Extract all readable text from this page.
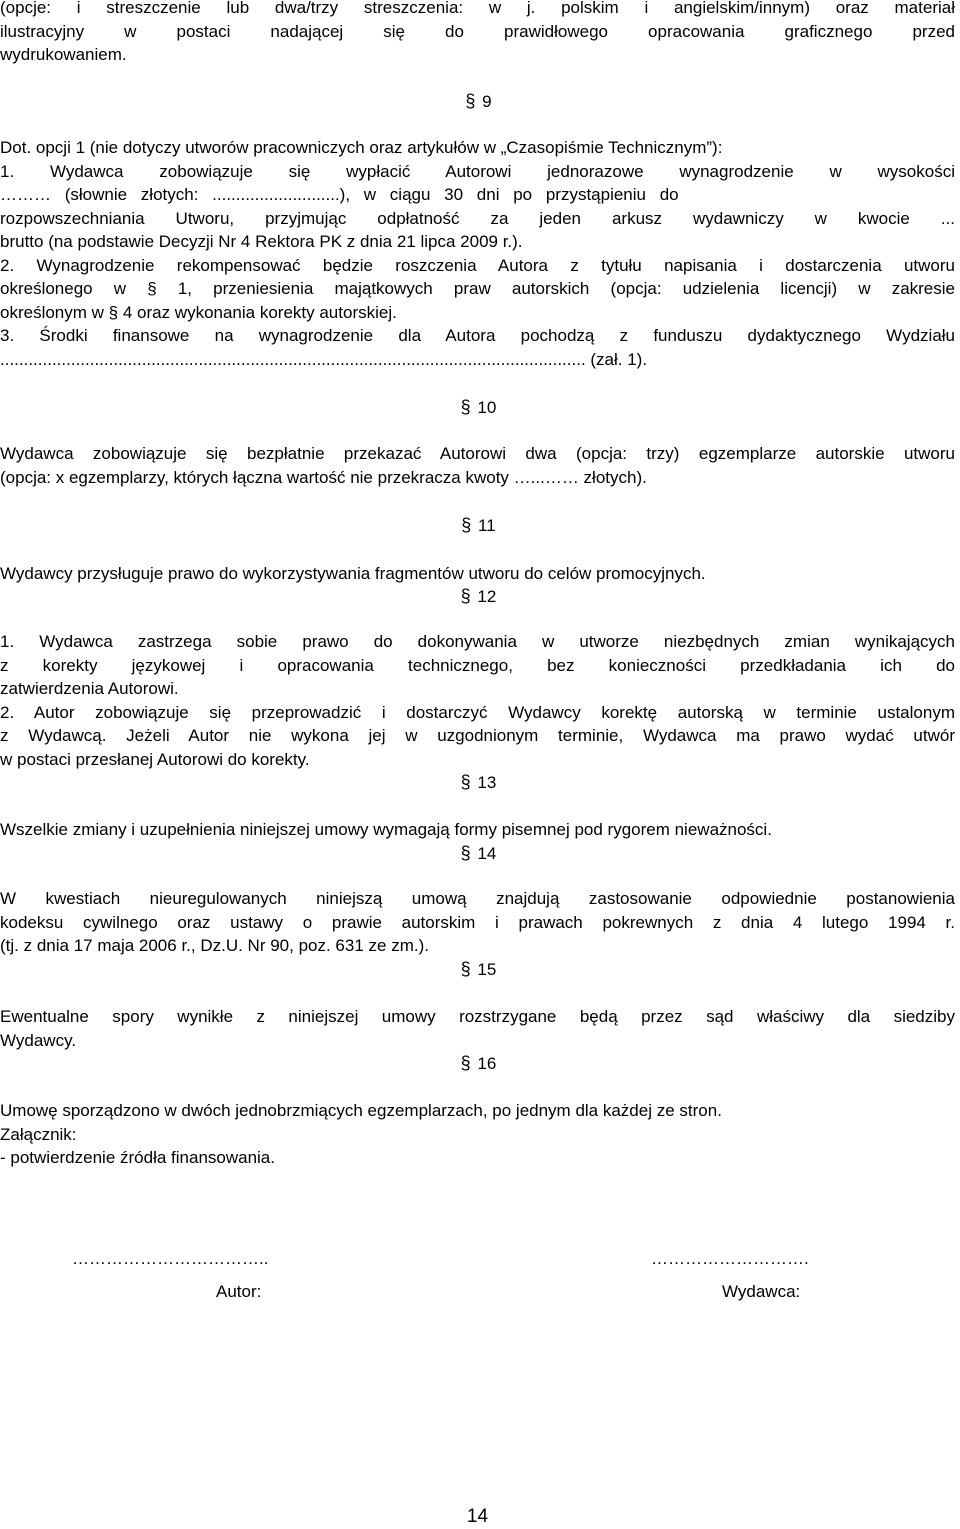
(opcje: i streszczenie lub dwa/trzy streszczenia: w j. polskim i angielskim/innym) oraz materiał
ilustracyjny w postaci nadającej się do prawidłowego opracowania graficznego przed
wydrukowaniem.
§ 9
Dot. opcji 1 (nie dotyczy utworów pracowniczych oraz artykułów w „Czasopiśmie Technicznym”):
1. Wydawca zobowiązuje się wypłacić Autorowi jednorazowe wynagrodzenie w wysokości
……… (słownie złotych: ...........................), w ciągu 30 dni po przystąpieniu do
rozpowszechniania Utworu, przyjmując odpłatność za jeden arkusz wydawniczy w kwocie ...
brutto (na podstawie Decyzji Nr 4 Rektora PK z dnia 21 lipca 2009 r.).
2. Wynagrodzenie rekompensować będzie roszczenia Autora z tytułu napisania i dostarczenia utworu
określonego w § 1, przeniesienia majątkowych praw autorskich (opcja: udzielenia licencji) w zakresie
określonym w § 4 oraz wykonania korekty autorskiej.
3. Środki finansowe na wynagrodzenie dla Autora pochodzą z funduszu dydaktycznego Wydziału
............................................................................................................................ (zał. 1).
§ 10
Wydawca zobowiązuje się bezpłatnie przekazać Autorowi dwa (opcja: trzy) egzemplarze autorskie utworu
(opcja: x egzemplarzy, których łączna wartość nie przekracza kwoty …...…… złotych).
§ 11
Wydawcy przysługuje prawo do wykorzystywania fragmentów utworu do celów promocyjnych.
§ 12
1. Wydawca zastrzega sobie prawo do dokonywania w utworze niezbędnych zmian wynikających
z korekty językowej i opracowania technicznego, bez konieczności przedkładania ich do
zatwierdzenia Autorowi.
2. Autor zobowiązuje się przeprowadzić i dostarczyć Wydawcy korektę autorską w terminie ustalonym
z Wydawcą. Jeżeli Autor nie wykona jej w uzgodnionym terminie, Wydawca ma prawo wydać utwór
w postaci przesłanej Autorowi do korekty.
§ 13
Wszelkie zmiany i uzupełnienia niniejszej umowy wymagają formy pisemnej pod rygorem nieważności.
§ 14
W kwestiach nieuregulowanych niniejszą umową znajdują zastosowanie odpowiednie postanowienia
kodeksu cywilnego oraz ustawy o prawie autorskim i prawach pokrewnych z dnia 4 lutego 1994 r.
(tj. z dnia 17 maja 2006 r., Dz.U. Nr 90, poz. 631 ze zm.).
§ 15
Ewentualne spory wynikłe z niniejszej umowy rozstrzygane będą przez sąd właściwy dla siedziby
Wydawcy.
§ 16
Umowę sporządzono w dwóch jednobrzmiących egzemplarzach, po jednym dla każdej ze stron.
Załącznik:
- potwierdzenie źródła finansowania.
……………………………..	……………………….
Autor:	Wydawca:
14
